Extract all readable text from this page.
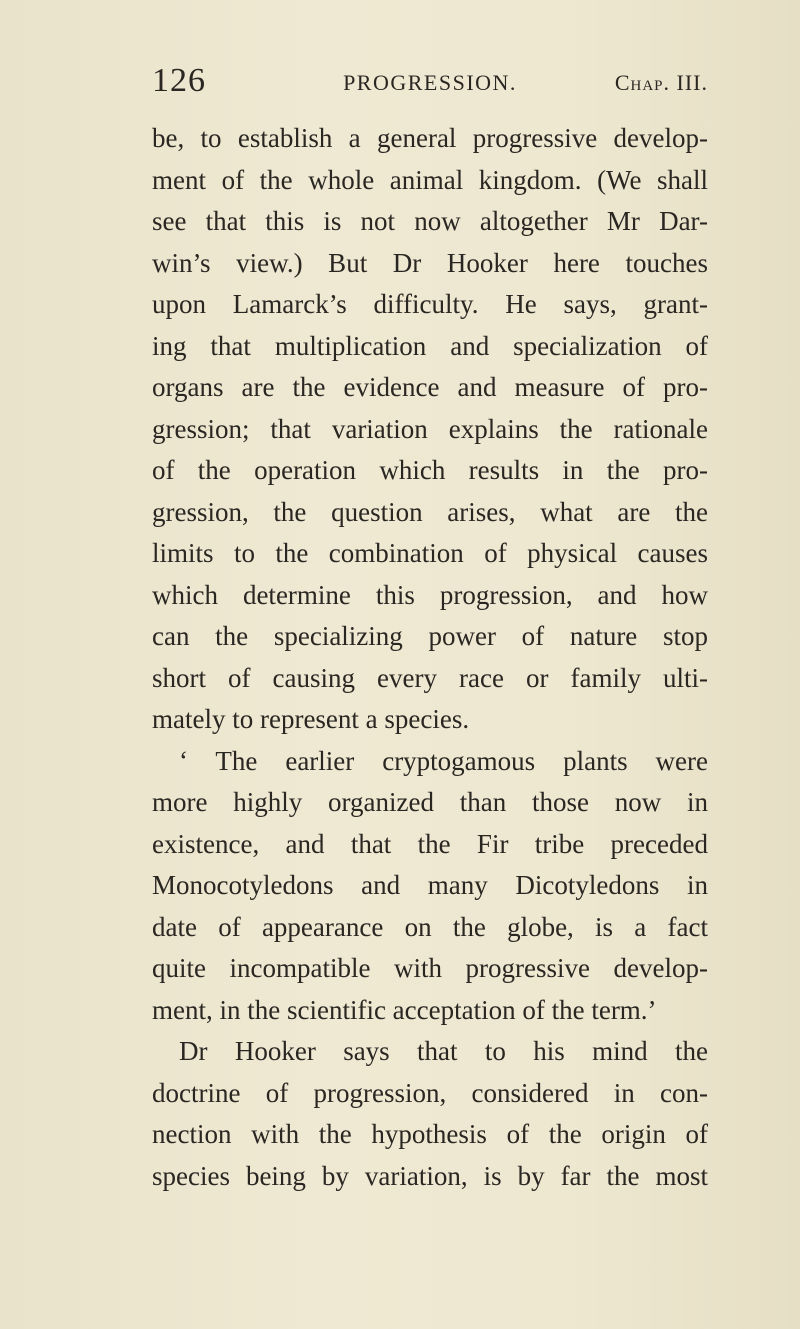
126	PROGRESSION.	Chap. III.
be, to establish a general progressive develop-
ment of the whole animal kingdom. (We shall
see that this is not now altogether Mr Dar-
win’s view.) But Dr Hooker here touches
upon Lamarck’s difficulty. He says, grant-
ing that multiplication and specialization of
organs are the evidence and measure of pro-
gression; that variation explains the rationale
of the operation which results in the pro-
gression, the question arises, what are the
limits to the combination of physical causes
which determine this progression, and how
can the specializing power of nature stop
short of causing every race or family ulti-
mately to represent a species.
‘ The earlier cryptogamous plants were
more highly organized than those now in
existence, and that the Fir tribe preceded
Monocotyledons and many Dicotyledons in
date of appearance on the globe, is a fact
quite incompatible with progressive develop-
ment, in the scientific acceptation of the term.’
Dr Hooker says that to his mind the
doctrine of progression, considered in con-
nection with the hypothesis of the origin of
species being by variation, is by far the most
